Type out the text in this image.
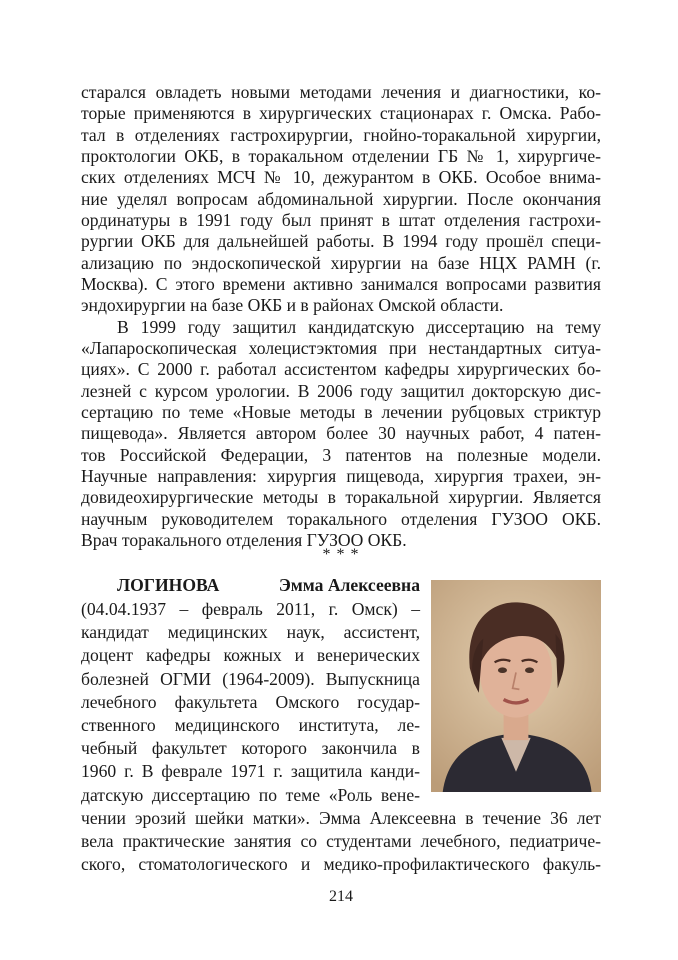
старался овладеть новыми методами лечения и диагностики, ко-
торые применяются в хирургических стационарах г. Омска. Рабо-
тал в отделениях гастрохирургии, гнойно-торакальной хирургии,
проктологии ОКБ, в торакальном отделении ГБ № 1, хирургиче-
ских отделениях МСЧ № 10, дежурантом в ОКБ. Особое внима-
ние уделял вопросам абдоминальной хирургии. После окончания
ординатуры в 1991 году был принят в штат отделения гастрохи-
рургии ОКБ для дальнейшей работы. В 1994 году прошёл специ-
ализацию по эндоскопической хирургии на базе НЦХ РАМН (г.
Москва). С этого времени активно занимался вопросами развития
эндохирургии на базе ОКБ и в районах Омской области.
В 1999 году защитил кандидатскую диссертацию на тему
«Лапароскопическая холецистэктомия при нестандартных ситуа-
циях». С 2000 г. работал ассистентом кафедры хирургических бо-
лезней с курсом урологии. В 2006 году защитил докторскую дис-
сертацию по теме «Новые методы в лечении рубцовых стриктур
пищевода». Является автором более 30 научных работ, 4 патен-
тов Российской Федерации, 3 патентов на полезные модели.
Научные направления: хирургия пищевода, хирургия трахеи, эн-
довидеохирургические методы в торакальной хирургии. Является
научным руководителем торакального отделения ГУЗОО ОКБ.
Врач торакального отделения ГУЗОО ОКБ.
* * *
ЛОГИНОВА	Эмма Алексеевна
(04.04.1937 – февраль 2011, г. Омск) –
кандидат медицинских наук, ассистент,
доцент кафедры кожных и венерических
болезней ОГМИ (1964-2009). Выпускница
лечебного факультета Омского государ-
ственного медицинского института, ле-
чебный факультет которого закончила в
1960 г. В феврале 1971 г. защитила канди-
датскую диссертацию по теме «Роль вене-
чении эрозий шейки матки». Эмма Алексеевна в течение 36 лет
вела практические занятия со студентами лечебного, педиатриче-
ского, стоматологического и медико-профилактического факуль-
214
